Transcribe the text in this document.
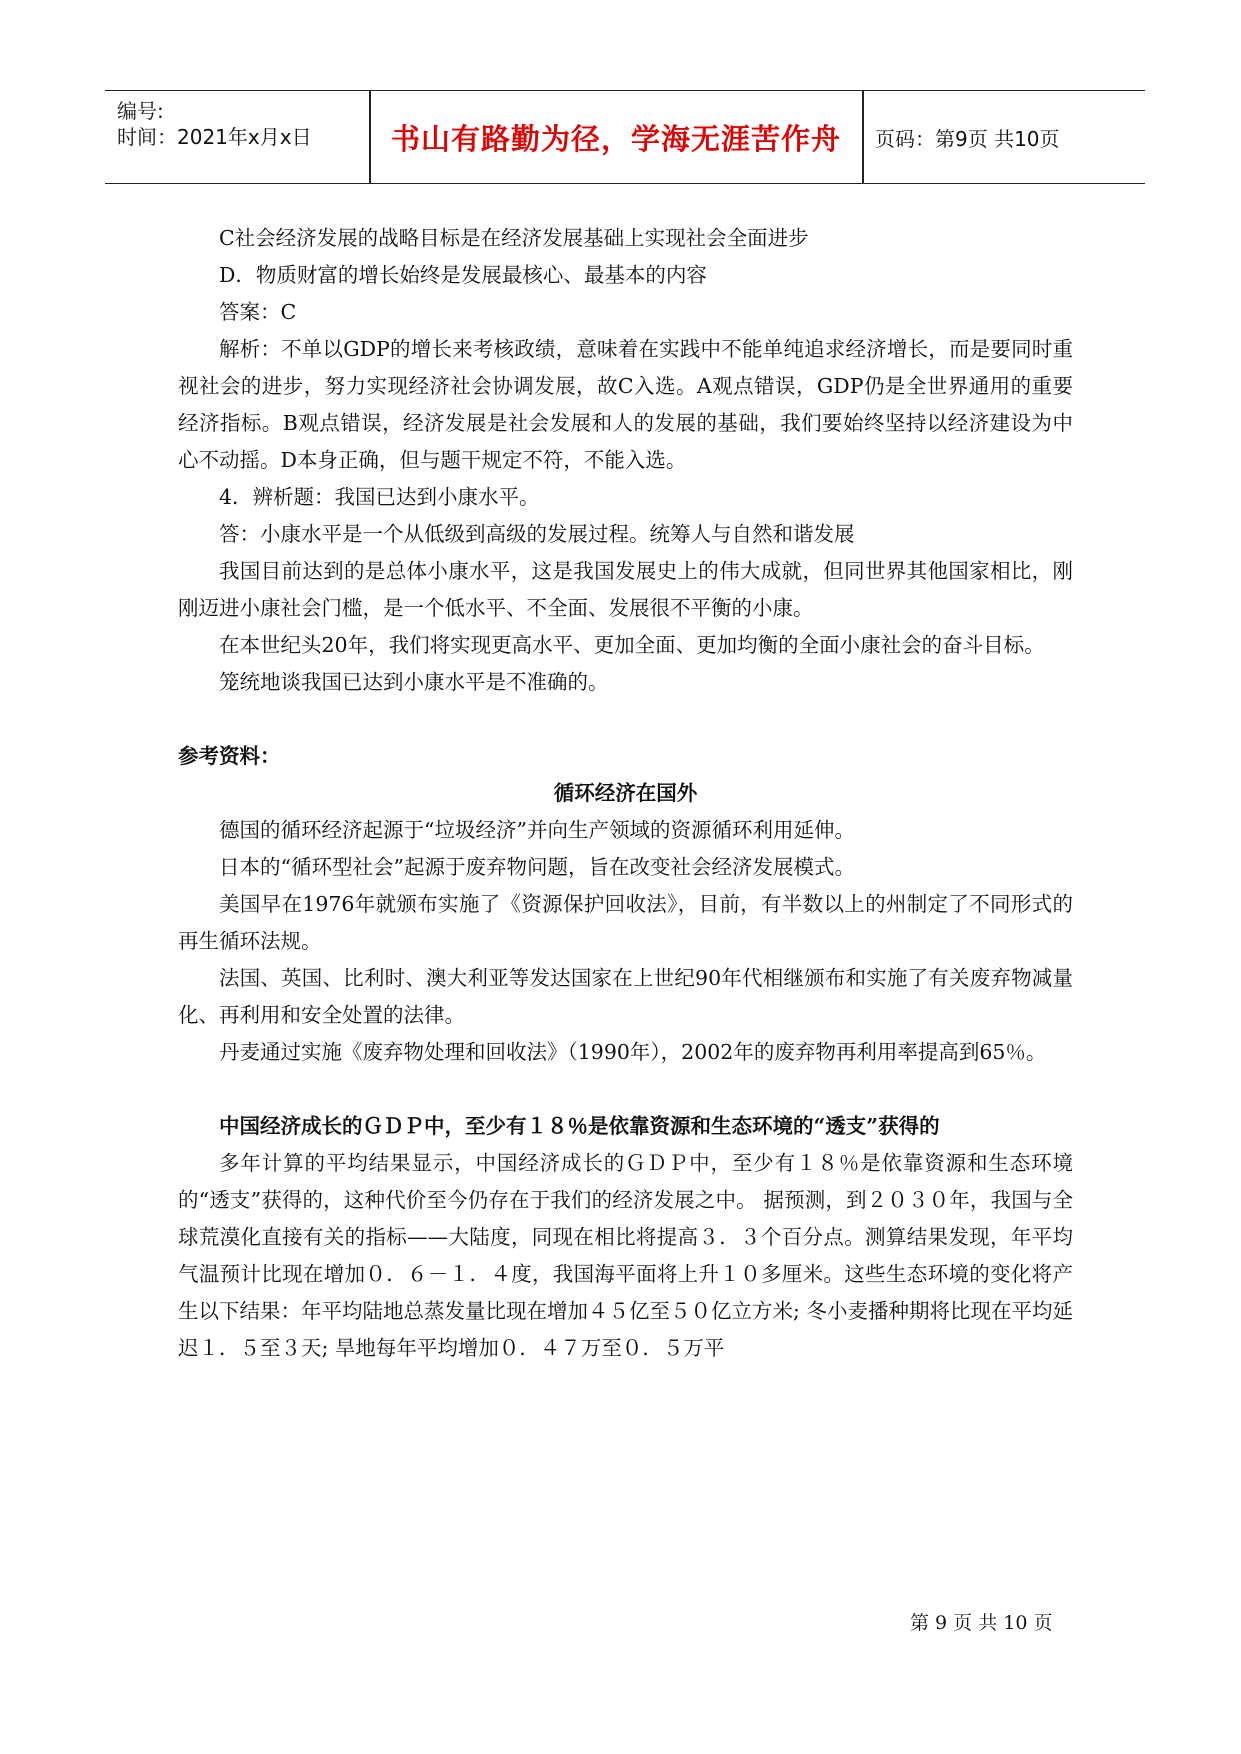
编号:
时间：2021年x月x日	书山有路勤为径，学海无涯苦作舟	页码：第9页 共10页

C社会经济发展的战略目标是在经济发展基础上实现社会全面进步

D．物质财富的增长始终是发展最核心、最基本的内容

答案：C

解析：不单以GDP的增长来考核政绩，意味着在实践中不能单纯追求经济增长，而是要同时重视社会的进步，努力实现经济社会协调发展，故C入选。A观点错误，GDP仍是全世界通用的重要经济指标。B观点错误，经济发展是社会发展和人的发展的基础，我们要始终坚持以经济建设为中心不动摇。D本身正确，但与题干规定不符，不能入选。

4．辨析题：我国已达到小康水平。

答：小康水平是一个从低级到高级的发展过程。统筹人与自然和谐发展

我国目前达到的是总体小康水平，这是我国发展史上的伟大成就，但同世界其他国家相比，刚刚迈进小康社会门槛，是一个低水平、不全面、发展很不平衡的小康。

在本世纪头20年，我们将实现更高水平、更加全面、更加均衡的全面小康社会的奋斗目标。

笼统地谈我国已达到小康水平是不准确的。

参考资料：
循环经济在国外

德国的循环经济起源于“垃圾经济”并向生产领域的资源循环利用延伸。

日本的“循环型社会”起源于废弃物问题，旨在改变社会经济发展模式。

美国早在1976年就颁布实施了《资源保护回收法》，目前，有半数以上的州制定了不同形式的再生循环法规。

法国、英国、比利时、澳大利亚等发达国家在上世纪90年代相继颁布和实施了有关废弃物减量化、再利用和安全处置的法律。

丹麦通过实施《废弃物处理和回收法》（1990年），2002年的废弃物再利用率提高到65％。

中国经济成长的ＧＤＰ中，至少有１８％是依靠资源和生态环境的“透支”获得的

多年计算的平均结果显示，中国经济成长的ＧＤＰ中，至少有１８％是依靠资源和生态环境的“透支”获得的，这种代价至今仍存在于我们的经济发展之中。 据预测，到２０３０年，我国与全球荒漠化直接有关的指标——大陆度，同现在相比将提高３．３个百分点。测算结果发现，年平均气温预计比现在增加０．６－１．４度，我国海平面将上升１０多厘米。这些生态环境的变化将产生以下结果：年平均陆地总蒸发量比现在增加４５亿至５０亿立方米; 冬小麦播种期将比现在平均延迟１．５至３天; 旱地每年平均增加０．４７万至０．５万平

第 9 页 共 10 页
